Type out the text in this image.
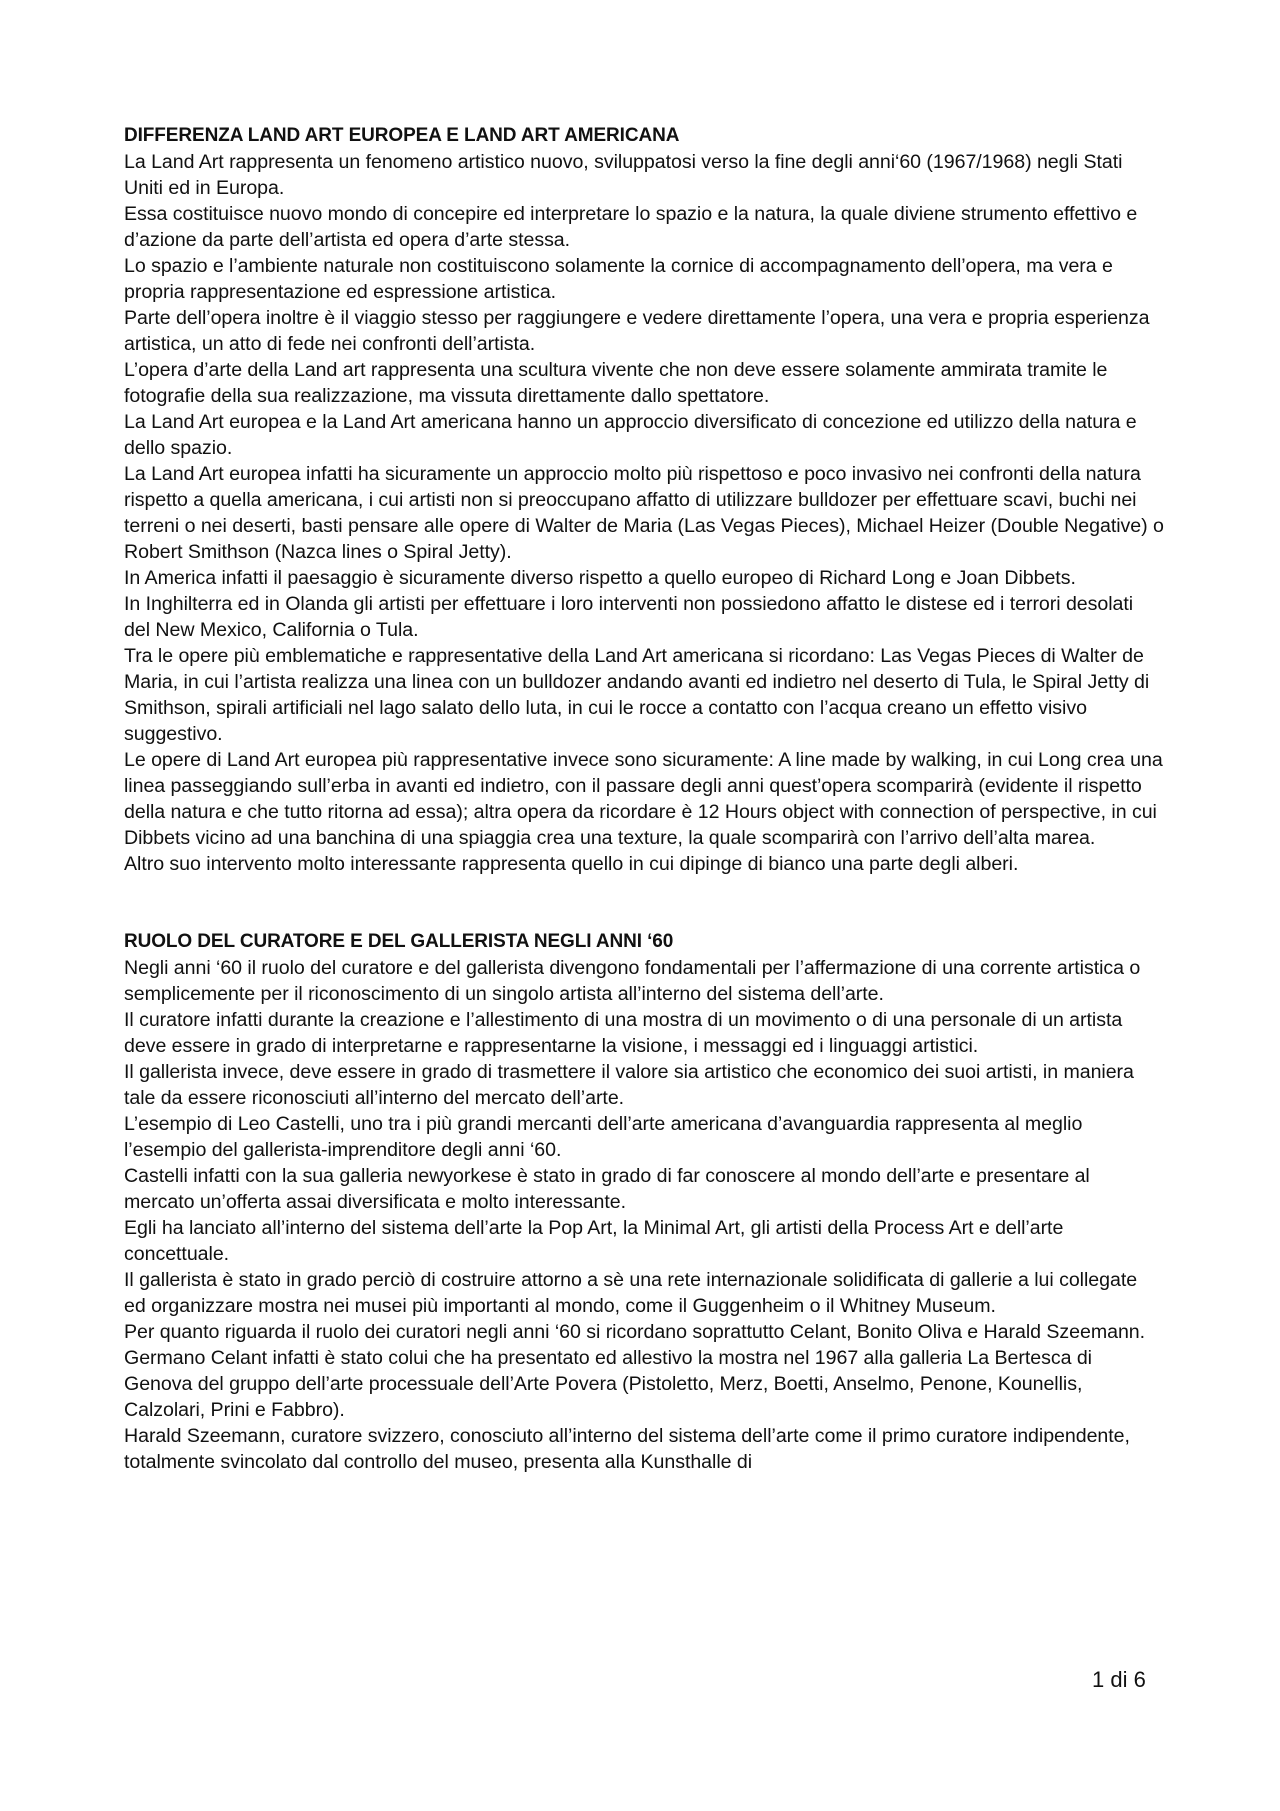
DIFFERENZA LAND ART EUROPEA E LAND ART AMERICANA

La Land Art rappresenta un fenomeno artistico nuovo, sviluppatosi verso la fine degli anni‘60 (1967/1968) negli Stati Uniti ed in Europa.

Essa costituisce nuovo mondo di concepire ed interpretare lo spazio e la natura, la quale diviene strumento effettivo e d’azione da parte dell’artista ed opera d’arte stessa.

Lo spazio e l’ambiente naturale non costituiscono solamente la cornice di accompagnamento dell’opera, ma vera e propria rappresentazione ed espressione artistica.

Parte dell’opera inoltre è il viaggio stesso per raggiungere e vedere direttamente l’opera, una vera e propria esperienza artistica, un atto di fede nei confronti dell’artista.

L’opera d’arte della Land art rappresenta una scultura vivente che non deve essere solamente ammirata tramite le fotografie della sua realizzazione, ma vissuta direttamente dallo spettatore.

La Land Art europea e la Land Art americana hanno un approccio diversificato di concezione ed utilizzo della natura e dello spazio.

La Land Art europea infatti ha sicuramente un approccio molto più rispettoso e poco invasivo nei confronti della natura rispetto a quella americana, i cui artisti non si preoccupano affatto di utilizzare bulldozer per effettuare scavi, buchi nei terreni o nei deserti, basti pensare alle opere di Walter de Maria (Las Vegas Pieces), Michael Heizer (Double Negative) o Robert Smithson (Nazca lines o Spiral Jetty).

In America infatti il paesaggio è sicuramente diverso rispetto a quello europeo di Richard Long e Joan Dibbets.

In Inghilterra ed in Olanda gli artisti per effettuare i loro interventi non possiedono affatto le distese ed i terrori desolati del New Mexico, California o Tula.

Tra le opere più emblematiche e rappresentative della Land Art americana si ricordano: Las Vegas Pieces di Walter de Maria, in cui l’artista realizza una linea con un bulldozer andando avanti ed indietro nel deserto di Tula, le Spiral Jetty di Smithson, spirali artificiali nel lago salato dello luta, in cui le rocce a contatto con l’acqua creano un effetto visivo suggestivo.

Le opere di Land Art europea più rappresentative invece sono sicuramente: A line made by walking, in cui Long crea una linea passeggiando sull’erba in avanti ed indietro, con il passare degli anni quest’opera scomparirà (evidente il rispetto della natura e che tutto ritorna ad essa); altra opera da ricordare è 12 Hours object with connection of perspective, in cui Dibbets vicino ad una banchina di una spiaggia crea una texture, la quale scomparirà con l’arrivo dell’alta marea.

Altro suo intervento molto interessante rappresenta quello in cui dipinge di bianco una parte degli alberi.

RUOLO DEL CURATORE E DEL GALLERISTA NEGLI ANNI ‘60

Negli anni ‘60 il ruolo del curatore e del gallerista divengono fondamentali per l’affermazione di una corrente artistica o semplicemente per il riconoscimento di un singolo artista all’interno del sistema dell’arte.

Il curatore infatti durante la creazione e l’allestimento di una mostra di un movimento o di una personale di un artista deve essere in grado di interpretarne e rappresentarne la visione, i messaggi ed i linguaggi artistici.

Il gallerista invece, deve essere in grado di trasmettere il valore sia artistico che economico dei suoi artisti, in maniera tale da essere riconosciuti all’interno del mercato dell’arte.

L’esempio di Leo Castelli, uno tra i più grandi mercanti dell’arte americana d’avanguardia rappresenta al meglio l’esempio del gallerista-imprenditore degli anni ‘60.

Castelli infatti con la sua galleria newyorkese è stato in grado di far conoscere al mondo dell’arte e presentare al mercato un’offerta assai diversificata e molto interessante.

Egli ha lanciato all’interno del sistema dell’arte la Pop Art, la Minimal Art, gli artisti della Process Art e dell’arte concettuale.

Il gallerista è stato in grado perciò di costruire attorno a sè una rete internazionale solidificata di gallerie a lui collegate ed organizzare mostra nei musei più importanti al mondo, come il Guggenheim o il Whitney Museum.

Per quanto riguarda il ruolo dei curatori negli anni ‘60 si ricordano soprattutto Celant, Bonito Oliva e Harald Szeemann.

Germano Celant infatti è stato colui che ha presentato ed allestivo la mostra nel 1967 alla galleria La Bertesca di Genova del gruppo dell’arte processuale dell’Arte Povera (Pistoletto, Merz, Boetti, Anselmo, Penone, Kounellis, Calzolari, Prini e Fabbro).

Harald Szeemann, curatore svizzero, conosciuto all’interno del sistema dell’arte come il primo curatore indipendente, totalmente svincolato dal controllo del museo, presenta alla Kunsthalle di

1 di 6
